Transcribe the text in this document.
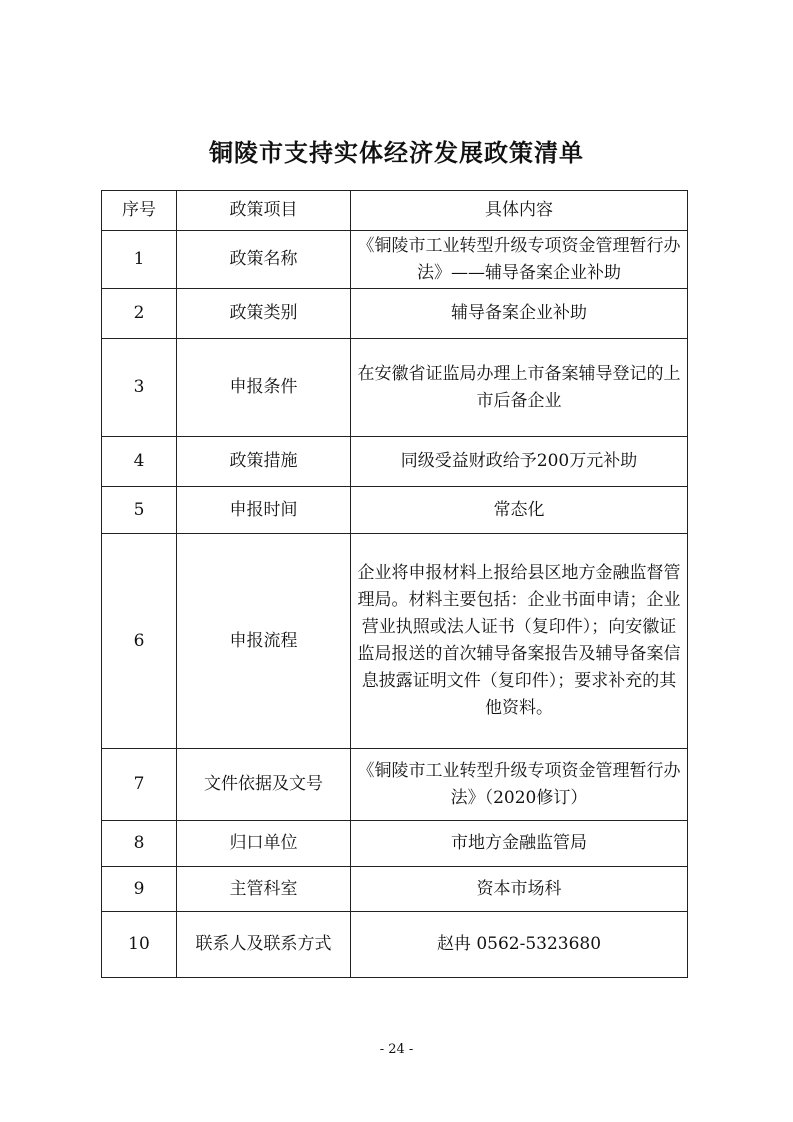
铜陵市支持实体经济发展政策清单
序号	政策项目	具体内容
1	政策名称	《铜陵市工业转型升级专项资金管理暂行办法》——辅导备案企业补助
2	政策类别	辅导备案企业补助
3	申报条件	在安徽省证监局办理上市备案辅导登记的上市后备企业
4	政策措施	同级受益财政给予200万元补助
5	申报时间	常态化
6	申报流程	企业将申报材料上报给县区地方金融监督管理局。材料主要包括：企业书面申请；企业营业执照或法人证书（复印件）；向安徽证监局报送的首次辅导备案报告及辅导备案信息披露证明文件（复印件）；要求补充的其他资料。
7	文件依据及文号	《铜陵市工业转型升级专项资金管理暂行办法》（2020修订）
8	归口单位	市地方金融监管局
9	主管科室	资本市场科
10	联系人及联系方式	赵冉 0562-5323680
- 24 -
